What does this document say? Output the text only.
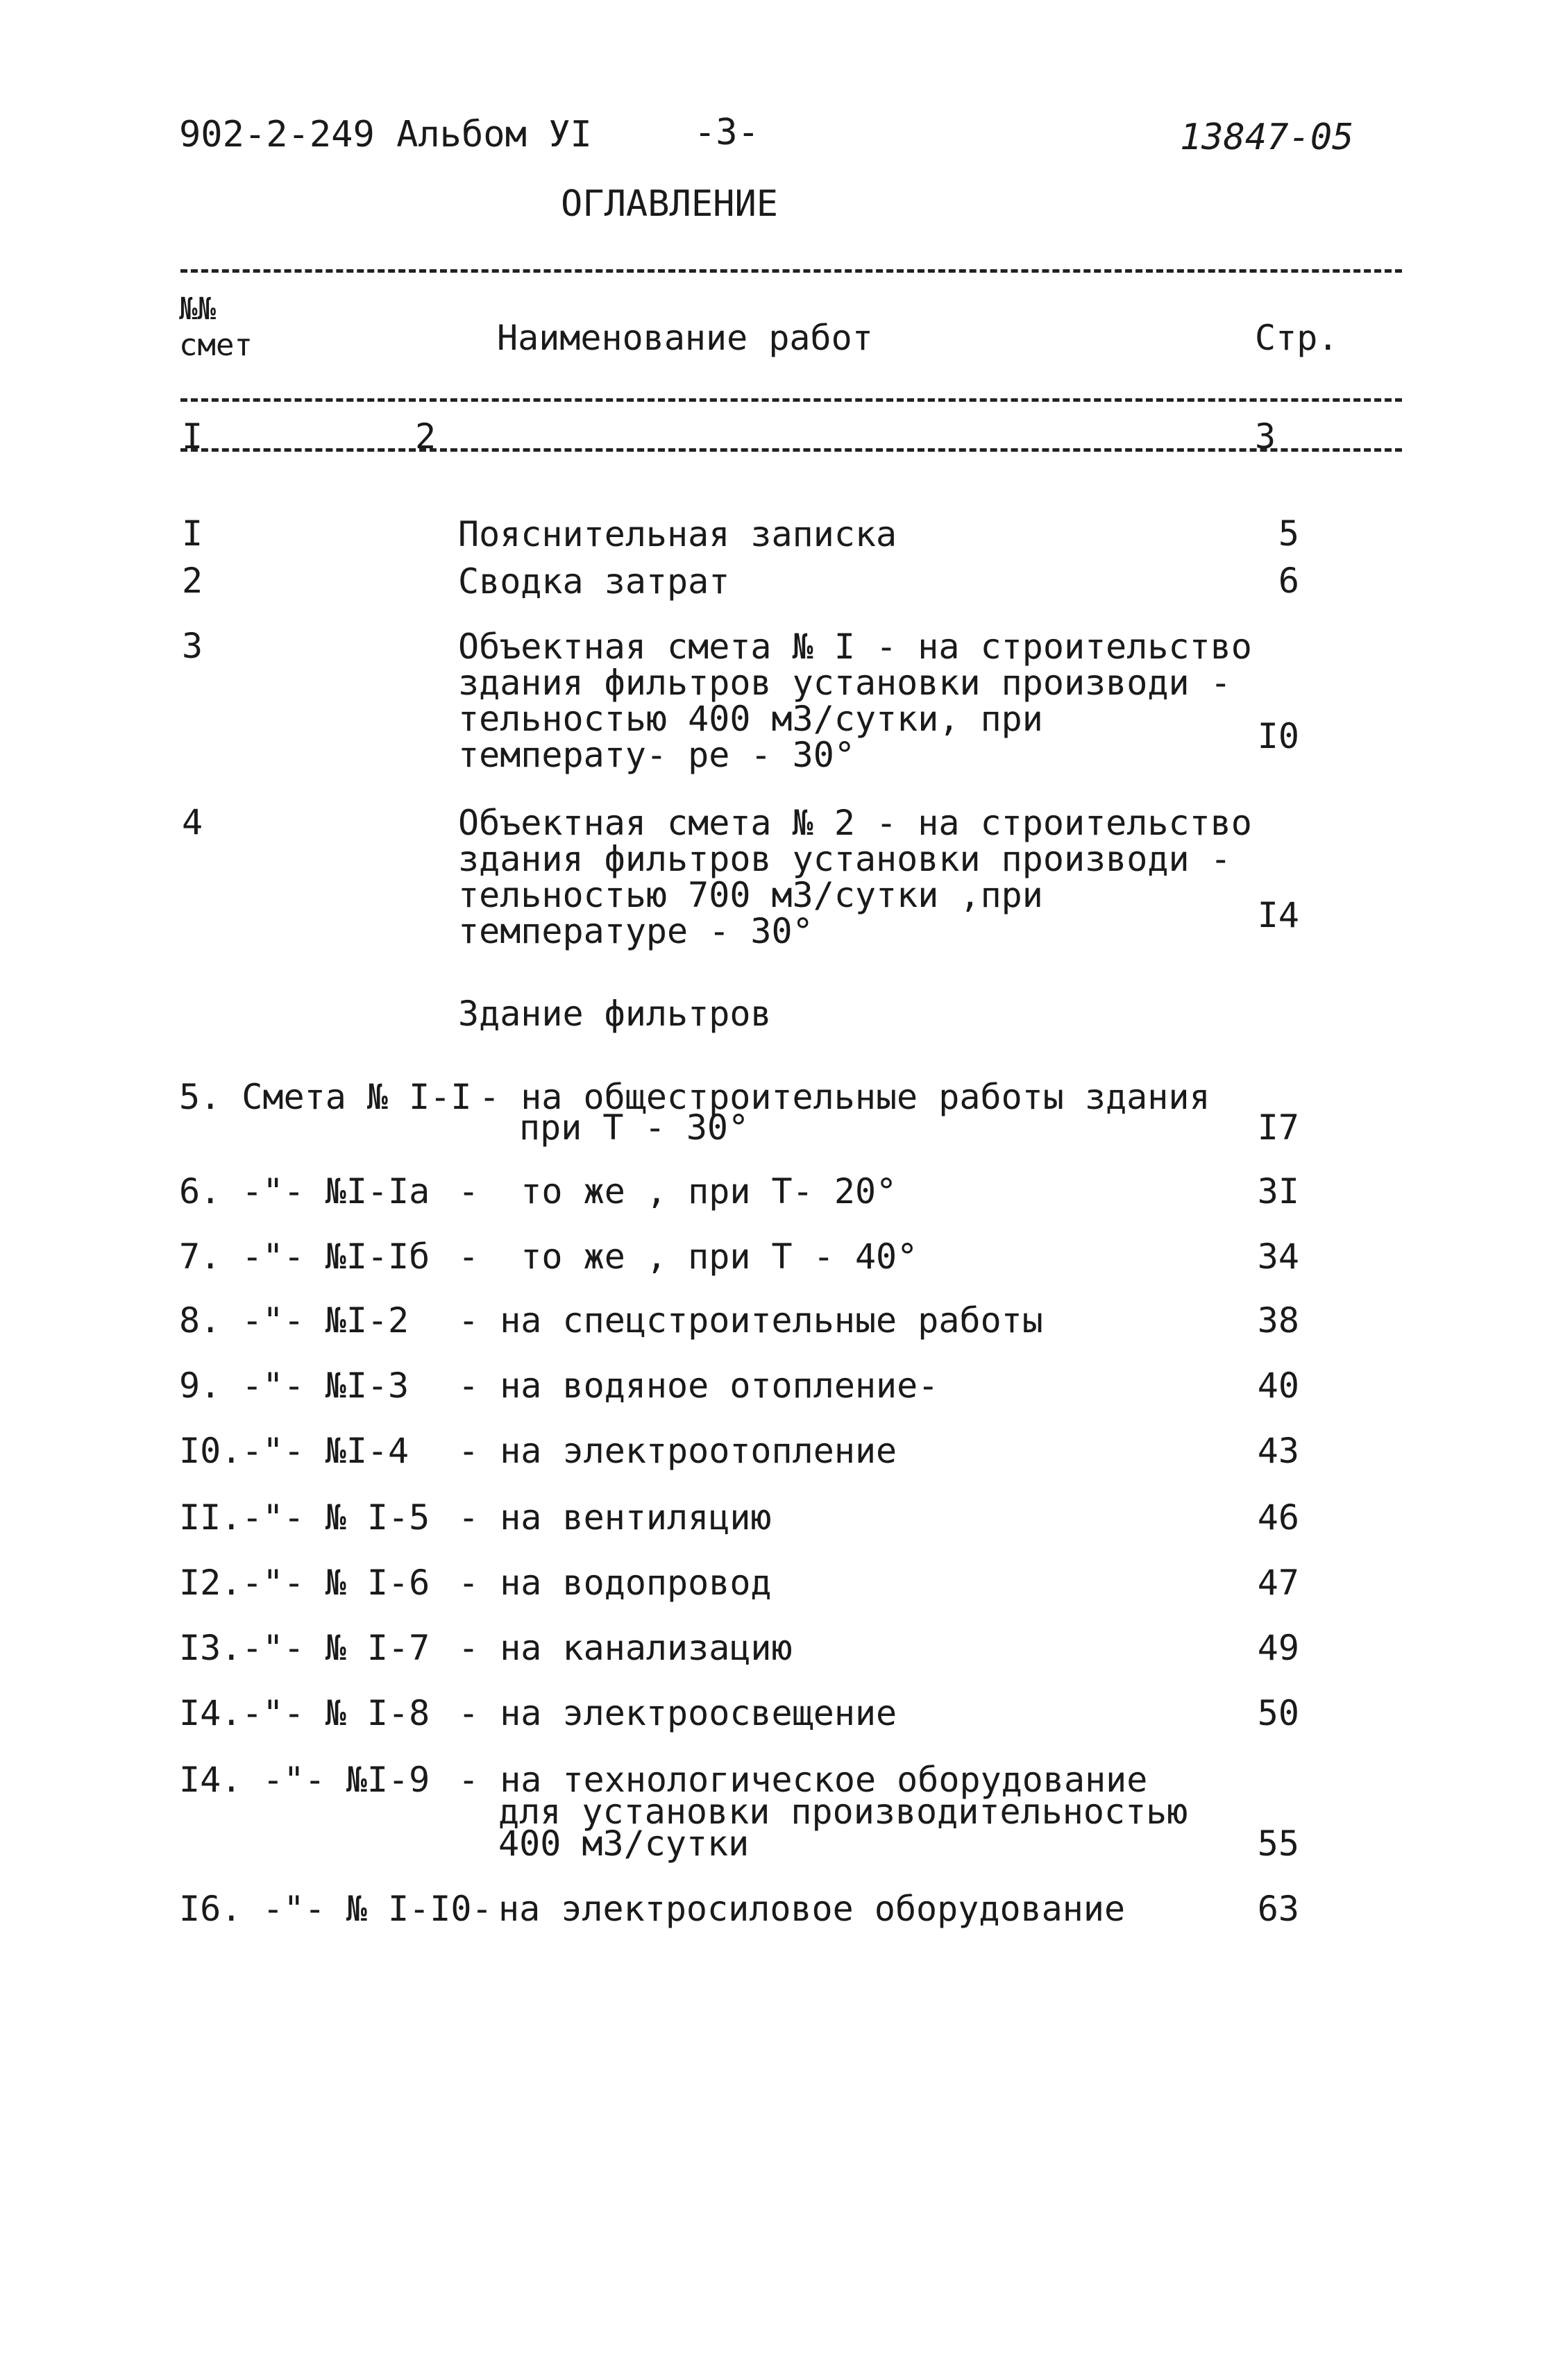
902-2-249 Альбом УI	-3-	13847-05
ОГЛАВЛЕНИЕ
№№
смет	Наименование работ	Стр.
I	2	3
I	Пояснительная записка	5
2	Сводка затрат	6
3	Объектная смета № I - на строительство здания фильтров установки производи - тельностью 400 м3/сутки, при температу- ре - 30°	I0
4	Объектная смета № 2 - на строительство здания фильтров установки производи - тельностью 700 м3/сутки ,при температуре - 30°	I4
Здание фильтров
5. Смета № I-I - на общестроительные работы здания
при Т - 30°	I7
6. -"- №I-Iа -  то же , при Т- 20°	3I
7. -"- №I-Iб -  то же , при Т - 40°	34
8. -"- №I-2 - на спецстроительные работы	38
9. -"- №I-3 - на водяное отопление-	40
I0.-"- №I-4 - на электроотопление	43
II.-"- № I-5 - на вентиляцию	46
I2.-"- № I-6 - на водопровод	47
I3.-"- № I-7 - на канализацию	49
I4.-"- № I-8 - на электроосвещение	50
I4. -"- №I-9 - на технологическое оборудование
для установки производительностью
400 м3/сутки	55
I6. -"- № I-I0- на электросиловое оборудование	63
